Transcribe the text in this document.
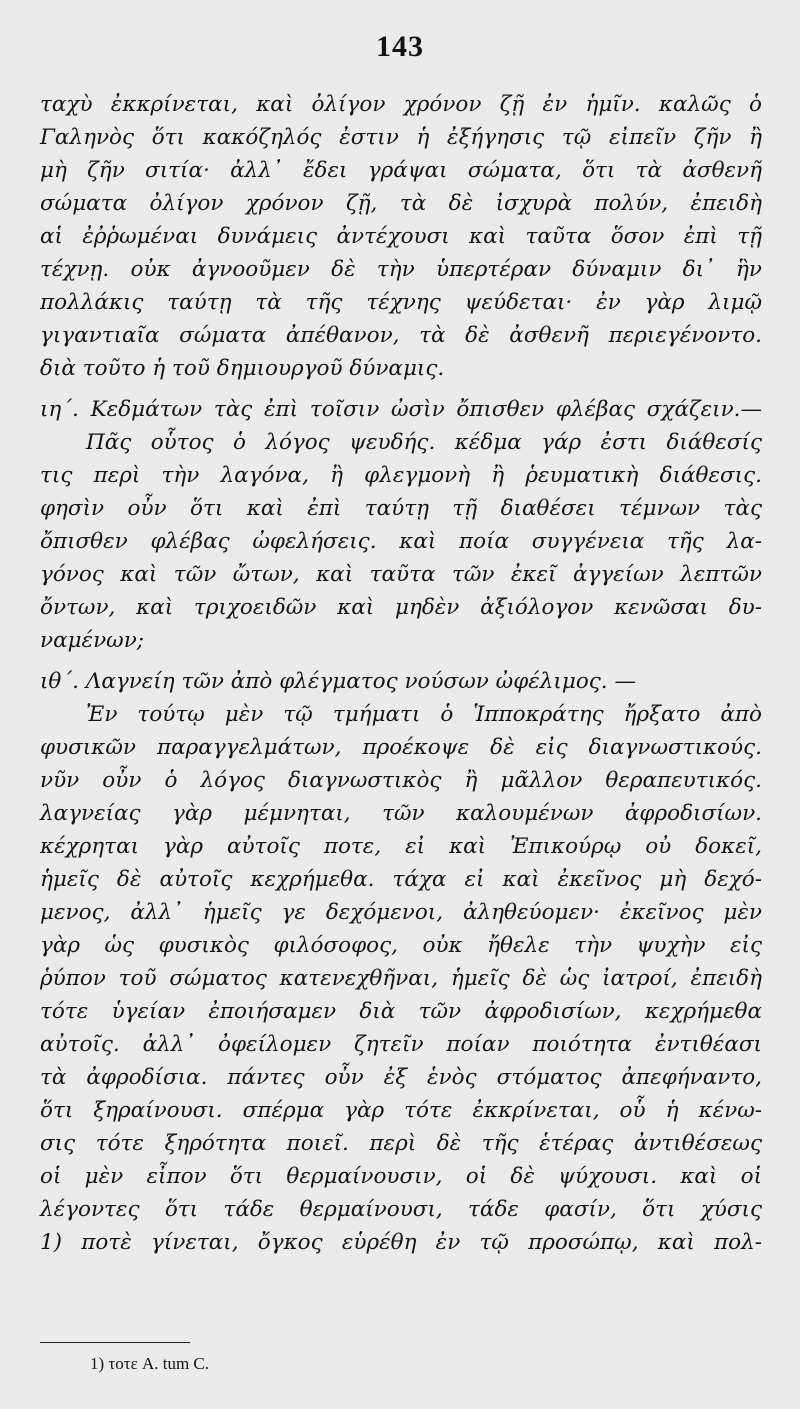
143
ταχὺ ἐκκρίνεται, καὶ ὀλίγον χρόνον ζῇ ἐν ἡμῖν. καλῶς ὁ
Γαληνὸς ὅτι κακόζηλός ἐστιν ἡ ἐξήγησις τῷ εἰπεῖν ζῆν ἢ
μὴ ζῆν σιτία· ἀλλ᾽ ἔδει γράψαι σώματα, ὅτι τὰ ἀσθενῆ
σώματα ὀλίγον χρόνον ζῇ, τὰ δὲ ἰσχυρὰ πολύν, ἐπειδὴ
αἱ ἐῤῥωμέναι δυνάμεις ἀντέχουσι καὶ ταῦτα ὅσον ἐπὶ τῇ
τέχνῃ. οὐκ ἀγνοοῦμεν δὲ τὴν ὑπερτέραν δύναμιν δι᾽ ἣν
πολλάκις ταύτῃ τὰ τῆς τέχνης ψεύδεται· ἐν γὰρ λιμῷ
γιγαντιαῖα σώματα ἀπέθανον, τὰ δὲ ἀσθενῆ περιεγένοντο.
διὰ τοῦτο ἡ τοῦ δημιουργοῦ δύναμις.
ιη΄. Κεδμάτων τὰς ἐπὶ τοῖσιν ὠσὶν ὄπισθεν φλέβας σχάζειν.—
Πᾶς οὗτος ὁ λόγος ψευδής. κέδμα γάρ ἐστι διάθεσίς
τις περὶ τὴν λαγόνα, ἢ φλεγμονὴ ἢ ῥευματικὴ διάθεσις.
φησὶν οὖν ὅτι καὶ ἐπὶ ταύτῃ τῇ διαθέσει τέμνων τὰς
ὄπισθεν φλέβας ὠφελήσεις. καὶ ποία συγγένεια τῆς λα-
γόνος καὶ τῶν ὤτων, καὶ ταῦτα τῶν ἐκεῖ ἀγγείων λεπτῶν
ὄντων, καὶ τριχοειδῶν καὶ μηδὲν ἀξιόλογον κενῶσαι δυ-
ναμένων;
ιθ΄. Λαγνείη τῶν ἀπὸ φλέγματος νούσων ὠφέλιμος. —
Ἐν τούτῳ μὲν τῷ τμήματι ὁ Ἱπποκράτης ἤρξατο ἀπὸ
φυσικῶν παραγγελμάτων, προέκοψε δὲ εἰς διαγνωστικούς.
νῦν οὖν ὁ λόγος διαγνωστικὸς ἢ μᾶλλον θεραπευτικός.
λαγνείας γὰρ μέμνηται, τῶν καλουμένων ἀφροδισίων.
κέχρηται γὰρ αὐτοῖς ποτε, εἰ καὶ Ἐπικούρῳ οὐ δοκεῖ,
ἡμεῖς δὲ αὐτοῖς κεχρήμεθα. τάχα εἰ καὶ ἐκεῖνος μὴ δεχό-
μενος, ἀλλ᾽ ἡμεῖς γε δεχόμενοι, ἀληθεύομεν· ἐκεῖνος μὲν
γὰρ ὡς φυσικὸς φιλόσοφος, οὐκ ἤθελε τὴν ψυχὴν εἰς
ῥύπον τοῦ σώματος κατενεχθῆναι, ἡμεῖς δὲ ὡς ἰατροί, ἐπειδὴ
τότε ὑγείαν ἐποιήσαμεν διὰ τῶν ἀφροδισίων, κεχρήμεθα
αὐτοῖς. ἀλλ᾽ ὀφείλομεν ζητεῖν ποίαν ποιότητα ἐντιθέασι
τὰ ἀφροδίσια. πάντες οὖν ἐξ ἑνὸς στόματος ἀπεφήναντο,
ὅτι ξηραίνουσι. σπέρμα γὰρ τότε ἐκκρίνεται, οὗ ἡ κένω-
σις τότε ξηρότητα ποιεῖ. περὶ δὲ τῆς ἑτέρας ἀντιθέσεως
οἱ μὲν εἶπον ὅτι θερμαίνουσιν, οἱ δὲ ψύχουσι. καὶ οἱ
λέγοντες ὅτι τάδε θερμαίνουσι, τάδε φασίν, ὅτι χύσις
1) ποτὲ γίνεται, ὄγκος εὑρέθη ἐν τῷ προσώπῳ, καὶ πολ-
1) τοτε A. tum C.
